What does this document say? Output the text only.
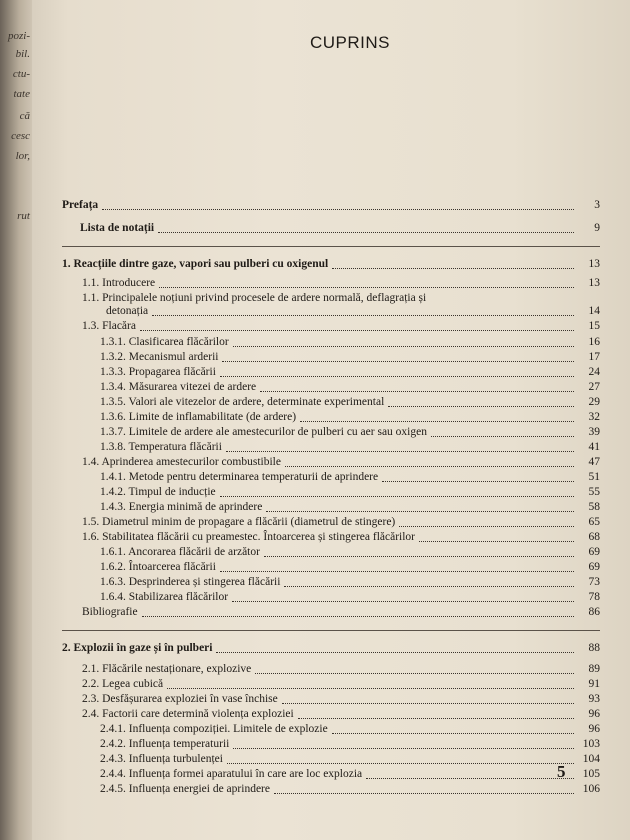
CUPRINS
Prefața	3
Lista de notații	9
1. Reacțiile dintre gaze, vapori sau pulberi cu oxigenul	13
1.1. Introducere	13
1.1. Principalele noțiuni privind procesele de ardere normală, deflagrația și
detonația	14
1.3. Flacăra	15
1.3.1. Clasificarea flăcărilor	16
1.3.2. Mecanismul arderii	17
1.3.3. Propagarea flăcării	24
1.3.4. Măsurarea vitezei de ardere	27
1.3.5. Valori ale vitezelor de ardere, determinate experimental	29
1.3.6. Limite de inflamabilitate (de ardere)	32
1.3.7. Limitele de ardere ale amestecurilor de pulberi cu aer sau oxigen	39
1.3.8. Temperatura flăcării	41
1.4. Aprinderea amestecurilor combustibile	47
1.4.1. Metode pentru determinarea temperaturii de aprindere	51
1.4.2. Timpul de inducție	55
1.4.3. Energia minimă de aprindere	58
1.5. Diametrul minim de propagare a flăcării (diametrul de stingere)	65
1.6. Stabilitatea flăcării cu preamestec. Întoarcerea și stingerea flăcărilor	68
1.6.1. Ancorarea flăcării de arzător	69
1.6.2. Întoarcerea flăcării	69
1.6.3. Desprinderea și stingerea flăcării	73
1.6.4. Stabilizarea flăcărilor	78
Bibliografie	86
2. Explozii în gaze și în pulberi	88
2.1. Flăcările nestaționare, explozive	89
2.2. Legea cubică	91
2.3. Desfășurarea exploziei în vase închise	93
2.4. Factorii care determină violența exploziei	96
2.4.1. Influența compoziției. Limitele de explozie	96
2.4.2. Influența temperaturii	103
2.4.3. Influența turbulenței	104
2.4.4. Influența formei aparatului în care are loc explozia	105
2.4.5. Influența energiei de aprindere	106
5
pozi-
bil.
ctu-
tate
că
cesc
lor,
rut
